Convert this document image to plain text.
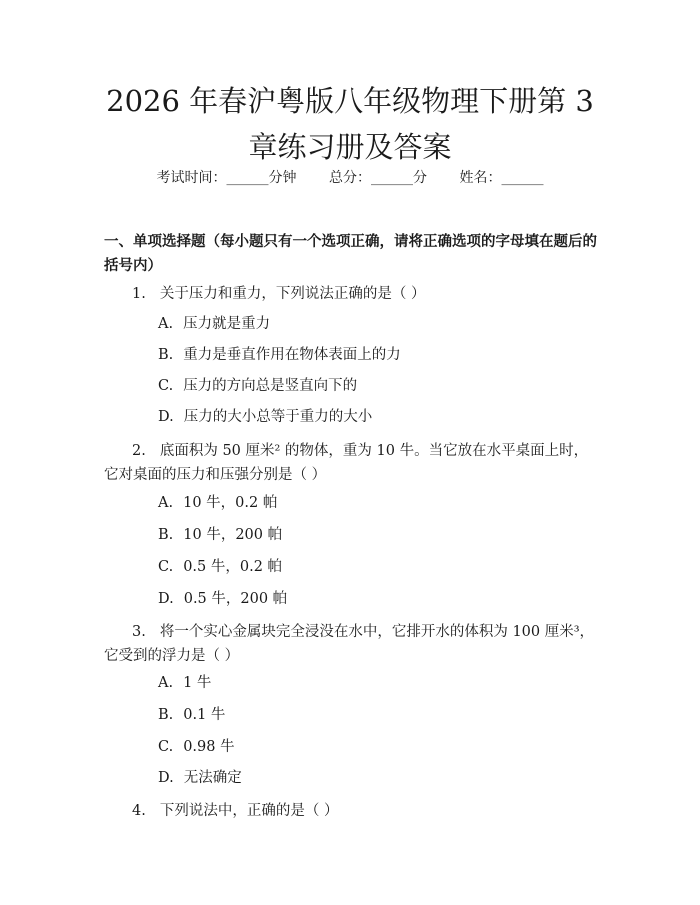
2026 年春沪粤版八年级物理下册第 3 章练习册及答案
考试时间：______分钟 总分：______分 姓名：______

一、单项选择题（每小题只有一个选项正确，请将正确选项的字母填在题后的括号内）

1. 关于压力和重力，下列说法正确的是（ ）

A. 压力就是重力

B. 重力是垂直作用在物体表面上的力

C. 压力的方向总是竖直向下的

D. 压力的大小总等于重力的大小

2. 底面积为 50 厘米² 的物体，重为 10 牛。当它放在水平桌面上时，它对桌面的压力和压强分别是（ ）

A. 10 牛，0.2 帕

B. 10 牛，200 帕

C. 0.5 牛，0.2 帕

D. 0.5 牛，200 帕

3. 将一个实心金属块完全浸没在水中，它排开水的体积为 100 厘米³，它受到的浮力是（ ）

A. 1 牛

B. 0.1 牛

C. 0.98 牛

D. 无法确定

4. 下列说法中，正确的是（ ）
